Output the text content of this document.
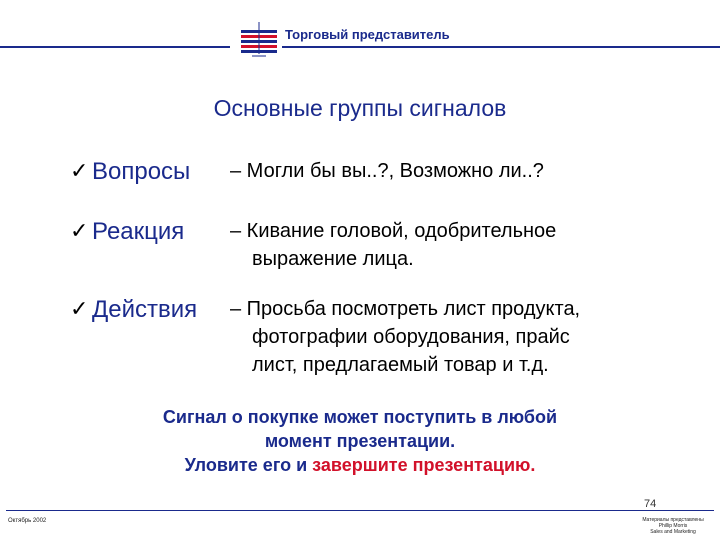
Торговый представитель
Основные группы сигналов
✓ Вопросы – Могли бы вы..?, Возможно ли..?
✓ Реакция – Кивание головой, одобрительное
выражение лица.
✓ Действия – Просьба посмотреть лист продукта,
фотографии оборудования, прайс
лист, предлагаемый товар и т.д.
Сигнал о покупке может поступить в любой
момент презентации.
Уловите его и завершите презентацию.
74
Октябрь 2002	Материалы представлены
Phillip Morris
Sales and Marketing
